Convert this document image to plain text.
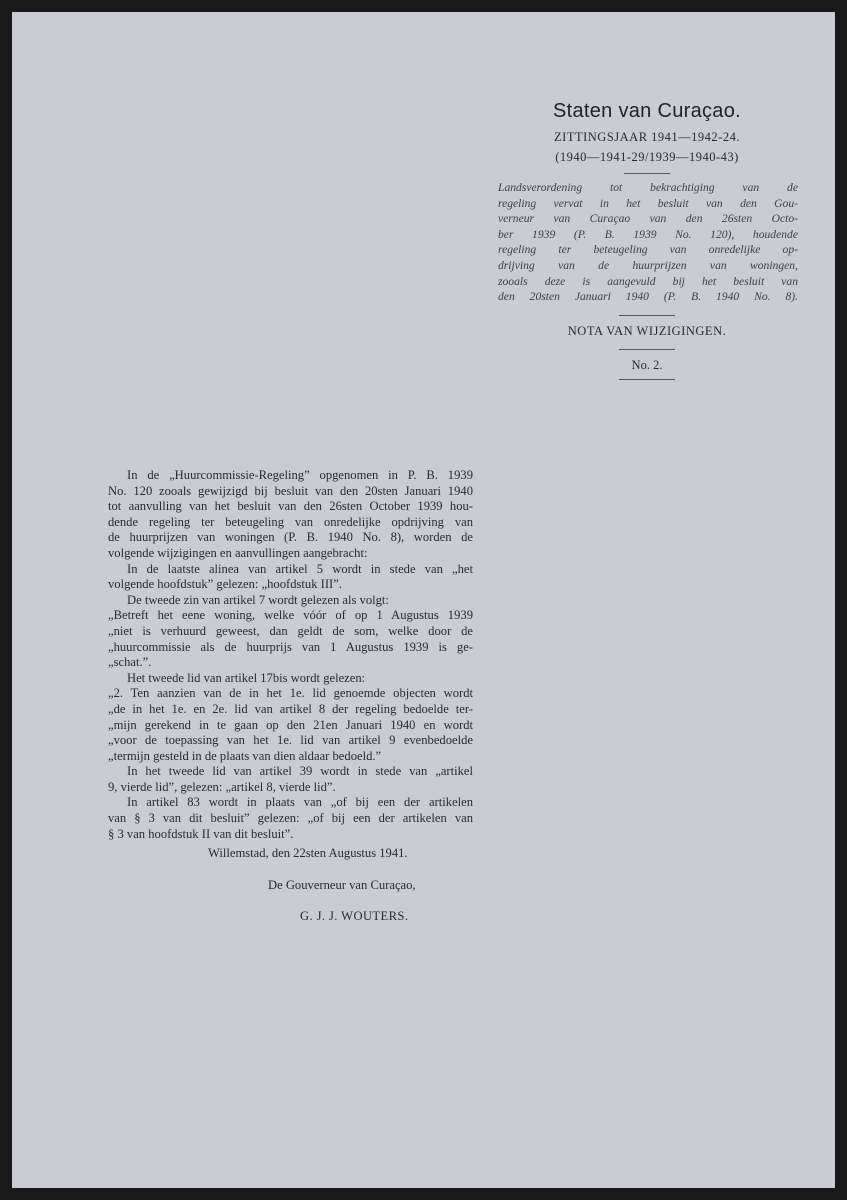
Staten van Curaçao.
ZITTINGSJAAR 1941—1942-24.
(1940—1941-29/1939—1940-43)
Landsverordening tot bekrachtiging van de
regeling vervat in het besluit van den Gou-
verneur van Curaçao van den 26sten Octo-
ber 1939 (P. B. 1939 No. 120), houdende
regeling ter beteugeling van onredelijke op-
drijving van de huurprijzen van woningen,
zooals deze is aangevuld bij het besluit van
den 20sten Januari 1940 (P. B. 1940 No. 8).
NOTA VAN WIJZIGINGEN.
No. 2.
In de „Huurcommissie-Regeling” opgenomen in P. B. 1939
No. 120 zooals gewijzigd bij besluit van den 20sten Januari 1940
tot aanvulling van het besluit van den 26sten October 1939 hou-
dende regeling ter beteugeling van onredelijke opdrijving van
de huurprijzen van woningen (P. B. 1940 No. 8), worden de
volgende wijzigingen en aanvullingen aangebracht:
In de laatste alinea van artikel 5 wordt in stede van „het
volgende hoofdstuk” gelezen: „hoofdstuk III”.
De tweede zin van artikel 7 wordt gelezen als volgt:
„Betreft het eene woning, welke vóór of op 1 Augustus 1939
„niet is verhuurd geweest, dan geldt de som, welke door de
„huurcommissie als de huurprijs van 1 Augustus 1939 is ge-
„schat.”.
Het tweede lid van artikel 17bis wordt gelezen:
„2. Ten aanzien van de in het 1e. lid genoemde objecten wordt
„de in het 1e. en 2e. lid van artikel 8 der regeling bedoelde ter-
„mijn gerekend in te gaan op den 21en Januari 1940 en wordt
„voor de toepassing van het 1e. lid van artikel 9 evenbedoelde
„termijn gesteld in de plaats van dien aldaar bedoeld.”
In het tweede lid van artikel 39 wordt in stede van „artikel
9, vierde lid”, gelezen: „artikel 8, vierde lid”.
In artikel 83 wordt in plaats van „of bij een der artikelen
van § 3 van dit besluit” gelezen: „of bij een der artikelen van
§ 3 van hoofdstuk II van dit besluit”.
Willemstad, den 22sten Augustus 1941.
De Gouverneur van Curaçao,
G. J. J. WOUTERS.
